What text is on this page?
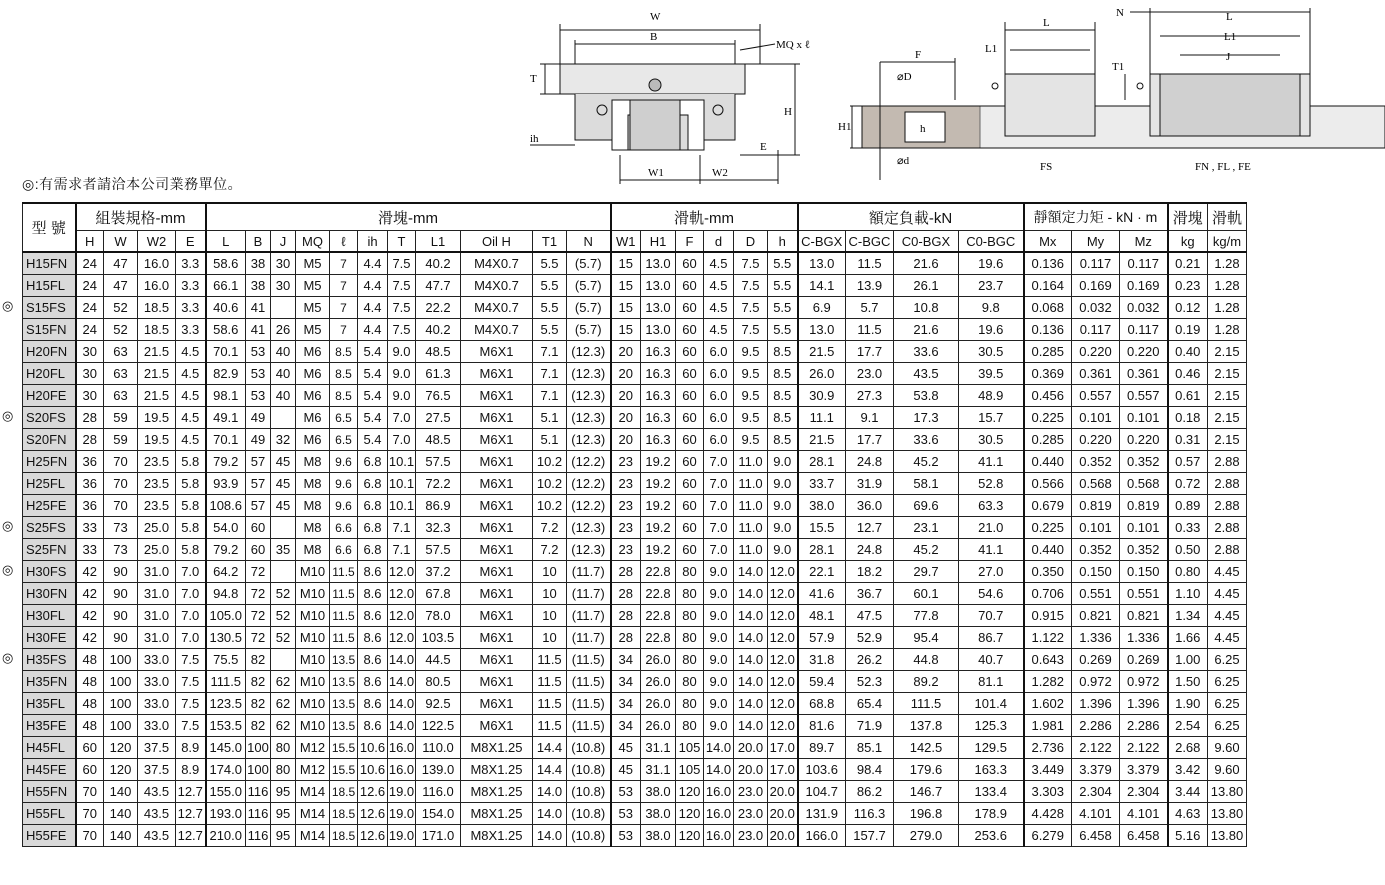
W
B
MQ x ℓ
T
H
ih
E
W1	W2
F
⌀D
⌀d
H1	h
L
L1
N
T1
L
L1
J
FS	FN , FL , FE
◎:有需求者請洽本公司業務單位。
型 號	組裝規格-mm				滑塊-mm											滑軌-mm						額定負載-kN				靜額定力矩 - kN · m			滑塊	滑軌
	H	W	W2	E	L	B	J	MQ	ℓ	ih	T	L1	Oil H	T1	N	W1	H1	F	d	D	h	C-BGX	C-BGC	C0-BGX	C0-BGC	Mx	My	Mz	kg	kg/m
H15FN	24	47	16.0	3.3	58.6	38	30	M5	7	4.4	7.5	40.2	M4X0.7	5.5	(5.7)	15	13.0	60	4.5	7.5	5.5	13.0	11.5	21.6	19.6	0.136	0.117	0.117	0.21	1.28
H15FL	24	47	16.0	3.3	66.1	38	30	M5	7	4.4	7.5	47.7	M4X0.7	5.5	(5.7)	15	13.0	60	4.5	7.5	5.5	14.1	13.9	26.1	23.7	0.164	0.169	0.169	0.23	1.28
S15FS	24	52	18.5	3.3	40.6	41		M5	7	4.4	7.5	22.2	M4X0.7	5.5	(5.7)	15	13.0	60	4.5	7.5	5.5	6.9	5.7	10.8	9.8	0.068	0.032	0.032	0.12	1.28
S15FN	24	52	18.5	3.3	58.6	41	26	M5	7	4.4	7.5	40.2	M4X0.7	5.5	(5.7)	15	13.0	60	4.5	7.5	5.5	13.0	11.5	21.6	19.6	0.136	0.117	0.117	0.19	1.28
H20FN	30	63	21.5	4.5	70.1	53	40	M6	8.5	5.4	9.0	48.5	M6X1	7.1	(12.3)	20	16.3	60	6.0	9.5	8.5	21.5	17.7	33.6	30.5	0.285	0.220	0.220	0.40	2.15
H20FL	30	63	21.5	4.5	82.9	53	40	M6	8.5	5.4	9.0	61.3	M6X1	7.1	(12.3)	20	16.3	60	6.0	9.5	8.5	26.0	23.0	43.5	39.5	0.369	0.361	0.361	0.46	2.15
H20FE	30	63	21.5	4.5	98.1	53	40	M6	8.5	5.4	9.0	76.5	M6X1	7.1	(12.3)	20	16.3	60	6.0	9.5	8.5	30.9	27.3	53.8	48.9	0.456	0.557	0.557	0.61	2.15
S20FS	28	59	19.5	4.5	49.1	49		M6	6.5	5.4	7.0	27.5	M6X1	5.1	(12.3)	20	16.3	60	6.0	9.5	8.5	11.1	9.1	17.3	15.7	0.225	0.101	0.101	0.18	2.15
S20FN	28	59	19.5	4.5	70.1	49	32	M6	6.5	5.4	7.0	48.5	M6X1	5.1	(12.3)	20	16.3	60	6.0	9.5	8.5	21.5	17.7	33.6	30.5	0.285	0.220	0.220	0.31	2.15
H25FN	36	70	23.5	5.8	79.2	57	45	M8	9.6	6.8	10.1	57.5	M6X1	10.2	(12.2)	23	19.2	60	7.0	11.0	9.0	28.1	24.8	45.2	41.1	0.440	0.352	0.352	0.57	2.88
H25FL	36	70	23.5	5.8	93.9	57	45	M8	9.6	6.8	10.1	72.2	M6X1	10.2	(12.2)	23	19.2	60	7.0	11.0	9.0	33.7	31.9	58.1	52.8	0.566	0.568	0.568	0.72	2.88
H25FE	36	70	23.5	5.8	108.6	57	45	M8	9.6	6.8	10.1	86.9	M6X1	10.2	(12.2)	23	19.2	60	7.0	11.0	9.0	38.0	36.0	69.6	63.3	0.679	0.819	0.819	0.89	2.88
S25FS	33	73	25.0	5.8	54.0	60		M8	6.6	6.8	7.1	32.3	M6X1	7.2	(12.3)	23	19.2	60	7.0	11.0	9.0	15.5	12.7	23.1	21.0	0.225	0.101	0.101	0.33	2.88
S25FN	33	73	25.0	5.8	79.2	60	35	M8	6.6	6.8	7.1	57.5	M6X1	7.2	(12.3)	23	19.2	60	7.0	11.0	9.0	28.1	24.8	45.2	41.1	0.440	0.352	0.352	0.50	2.88
H30FS	42	90	31.0	7.0	64.2	72		M10	11.5	8.6	12.0	37.2	M6X1	10	(11.7)	28	22.8	80	9.0	14.0	12.0	22.1	18.2	29.7	27.0	0.350	0.150	0.150	0.80	4.45
H30FN	42	90	31.0	7.0	94.8	72	52	M10	11.5	8.6	12.0	67.8	M6X1	10	(11.7)	28	22.8	80	9.0	14.0	12.0	41.6	36.7	60.1	54.6	0.706	0.551	0.551	1.10	4.45
H30FL	42	90	31.0	7.0	105.0	72	52	M10	11.5	8.6	12.0	78.0	M6X1	10	(11.7)	28	22.8	80	9.0	14.0	12.0	48.1	47.5	77.8	70.7	0.915	0.821	0.821	1.34	4.45
H30FE	42	90	31.0	7.0	130.5	72	52	M10	11.5	8.6	12.0	103.5	M6X1	10	(11.7)	28	22.8	80	9.0	14.0	12.0	57.9	52.9	95.4	86.7	1.122	1.336	1.336	1.66	4.45
H35FS	48	100	33.0	7.5	75.5	82		M10	13.5	8.6	14.0	44.5	M6X1	11.5	(11.5)	34	26.0	80	9.0	14.0	12.0	31.8	26.2	44.8	40.7	0.643	0.269	0.269	1.00	6.25
H35FN	48	100	33.0	7.5	111.5	82	62	M10	13.5	8.6	14.0	80.5	M6X1	11.5	(11.5)	34	26.0	80	9.0	14.0	12.0	59.4	52.3	89.2	81.1	1.282	0.972	0.972	1.50	6.25
H35FL	48	100	33.0	7.5	123.5	82	62	M10	13.5	8.6	14.0	92.5	M6X1	11.5	(11.5)	34	26.0	80	9.0	14.0	12.0	68.8	65.4	111.5	101.4	1.602	1.396	1.396	1.90	6.25
H35FE	48	100	33.0	7.5	153.5	82	62	M10	13.5	8.6	14.0	122.5	M6X1	11.5	(11.5)	34	26.0	80	9.0	14.0	12.0	81.6	71.9	137.8	125.3	1.981	2.286	2.286	2.54	6.25
H45FL	60	120	37.5	8.9	145.0	100	80	M12	15.5	10.6	16.0	110.0	M8X1.25	14.4	(10.8)	45	31.1	105	14.0	20.0	17.0	89.7	85.1	142.5	129.5	2.736	2.122	2.122	2.68	9.60
H45FE	60	120	37.5	8.9	174.0	100	80	M12	15.5	10.6	16.0	139.0	M8X1.25	14.4	(10.8)	45	31.1	105	14.0	20.0	17.0	103.6	98.4	179.6	163.3	3.449	3.379	3.379	3.42	9.60
H55FN	70	140	43.5	12.7	155.0	116	95	M14	18.5	12.6	19.0	116.0	M8X1.25	14.0	(10.8)	53	38.0	120	16.0	23.0	20.0	104.7	86.2	146.7	133.4	3.303	2.304	2.304	3.44	13.80
H55FL	70	140	43.5	12.7	193.0	116	95	M14	18.5	12.6	19.0	154.0	M8X1.25	14.0	(10.8)	53	38.0	120	16.0	23.0	20.0	131.9	116.3	196.8	178.9	4.428	4.101	4.101	4.63	13.80
H55FE	70	140	43.5	12.7	210.0	116	95	M14	18.5	12.6	19.0	171.0	M8X1.25	14.0	(10.8)	53	38.0	120	16.0	23.0	20.0	166.0	157.7	279.0	253.6	6.279	6.458	6.458	5.16	13.80
◎
◎
◎
◎
◎
